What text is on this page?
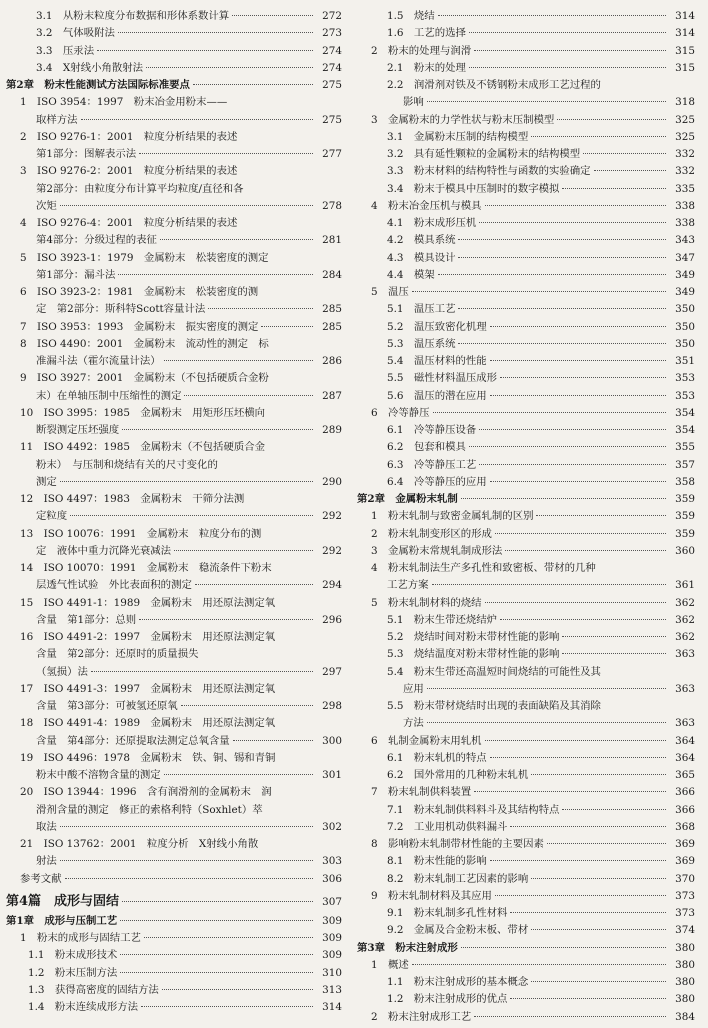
3.1　从粉末粒度分布数据和形体系数计算	272
3.2　气体吸附法	273
3.3　压汞法	274
3.4　X射线小角散射法	274
第2章　粉末性能测试方法国际标准要点	275
1　ISO 3954：1997　粉末冶金用粉末——
取样方法	275
2　ISO 9276-1：2001　粒度分析结果的表述
第1部分：图解表示法	277
3　ISO 9276-2：2001　粒度分析结果的表述
第2部分：由粒度分布计算平均粒度/直径和各
次矩	278
4　ISO 9276-4：2001　粒度分析结果的表述
第4部分：分级过程的表征	281
5　ISO 3923-1：1979　金属粉末　松装密度的测定
第1部分：漏斗法	284
6　ISO 3923-2：1981　金属粉末　松装密度的测
定　第2部分：斯科特Scott容量计法	285
7　ISO 3953：1993　金属粉末　振实密度的测定	285
8　ISO 4490：2001　金属粉末　流动性的测定　标
准漏斗法（霍尔流量计法）	286
9　ISO 3927：2001　金属粉末（不包括硬质合金粉
末）在单轴压制中压缩性的测定	287
10　ISO 3995：1985　金属粉末　用矩形压坯横向
断裂测定压坯强度	289
11　ISO 4492：1985　金属粉末（不包括硬质合金
粉末）　与压制和烧结有关的尺寸变化的
测定	290
12　ISO 4497：1983　金属粉末　干筛分法测
定粒度	292
13　ISO 10076：1991　金属粉末　粒度分布的测
定　液体中重力沉降光衰减法	292
14　ISO 10070：1991　金属粉末　稳流条件下粉末
层透气性试验　外比表面积的测定	294
15　ISO 4491-1：1989　金属粉末　用还原法测定氧
含量　第1部分：总则	296
16　ISO 4491-2：1997　金属粉末　用还原法测定氧
含量　第2部分：还原时的质量损失
（氢损）法	297
17　ISO 4491-3：1997　金属粉末　用还原法测定氧
含量　第3部分：可被氢还原氧	298
18　ISO 4491-4：1989　金属粉末　用还原法测定氧
含量　第4部分：还原提取法测定总氧含量	300
19　ISO 4496：1978　金属粉末　铁、铜、锡和青铜
粉末中酸不溶物含量的测定	301
20　ISO 13944：1996　含有润滑剂的金属粉末　润
滑剂含量的测定　修正的索格利特（Soxhlet）萃
取法	302
21　ISO 13762：2001　粒度分析　X射线小角散
射法	303
参考文献	306
第4篇　成形与固结	307
第1章　成形与压制工艺	309
1　粉末的成形与固结工艺	309
1.1　粉末成形技术	309
1.2　粉末压制方法	310
1.3　获得高密度的固结方法	313
1.4　粉末连续成形方法	314
1.5　烧结	314
1.6　工艺的选择	314
2　粉末的处理与润滑	315
2.1　粉末的处理	315
2.2　润滑剂对铁及不锈钢粉末成形工艺过程的
影响	318
3　金属粉末的力学性状与粉末压制模型	325
3.1　金属粉末压制的结构模型	325
3.2　具有延性颗粒的金属粉末的结构模型	332
3.3　粉末材料的结构特性与函数的实验确定	332
3.4　粉末于模具中压制时的数字模拟	335
4　粉末冶金压机与模具	338
4.1　粉末成形压机	338
4.2　模具系统	343
4.3　模具设计	347
4.4　模架	349
5　温压	349
5.1　温压工艺	350
5.2　温压致密化机理	350
5.3　温压系统	350
5.4　温压材料的性能	351
5.5　磁性材料温压成形	353
5.6　温压的潜在应用	353
6　冷等静压	354
6.1　冷等静压设备	354
6.2　包套和模具	355
6.3　冷等静压工艺	357
6.4　冷等静压的应用	358
第2章　金属粉末轧制	359
1　粉末轧制与致密金属轧制的区别	359
2　粉末轧制变形区的形成	359
3　金属粉末常规轧制成形法	360
4　粉末轧制法生产多孔性和致密板、带材的几种
工艺方案	361
5　粉末轧制材料的烧结	362
5.1　粉末生带还烧结炉	362
5.2　烧结时间对粉末带材性能的影响	362
5.3　烧结温度对粉末带材性能的影响	363
5.4　粉末生带还高温短时间烧结的可能性及其
应用	363
5.5　粉末带材烧结时出现的表面缺陷及其消除
方法	363
6　轧制金属粉末用轧机	364
6.1　粉末轧机的特点	364
6.2　国外常用的几种粉末轧机	365
7　粉末轧制供料装置	366
7.1　粉末轧制供料料斗及其结构特点	366
7.2　工业用机动供料漏斗	368
8　影响粉末轧制带材性能的主要因素	369
8.1　粉末性能的影响	369
8.2　粉末轧制工艺因素的影响	370
9　粉末轧制材料及其应用	373
9.1　粉末轧制多孔性材料	373
9.2　金属及合金粉末板、带材	374
第3章　粉末注射成形	380
1　概述	380
1.1　粉末注射成形的基本概念	380
1.2　粉末注射成形的优点	380
2　粉末注射成形工艺	384
